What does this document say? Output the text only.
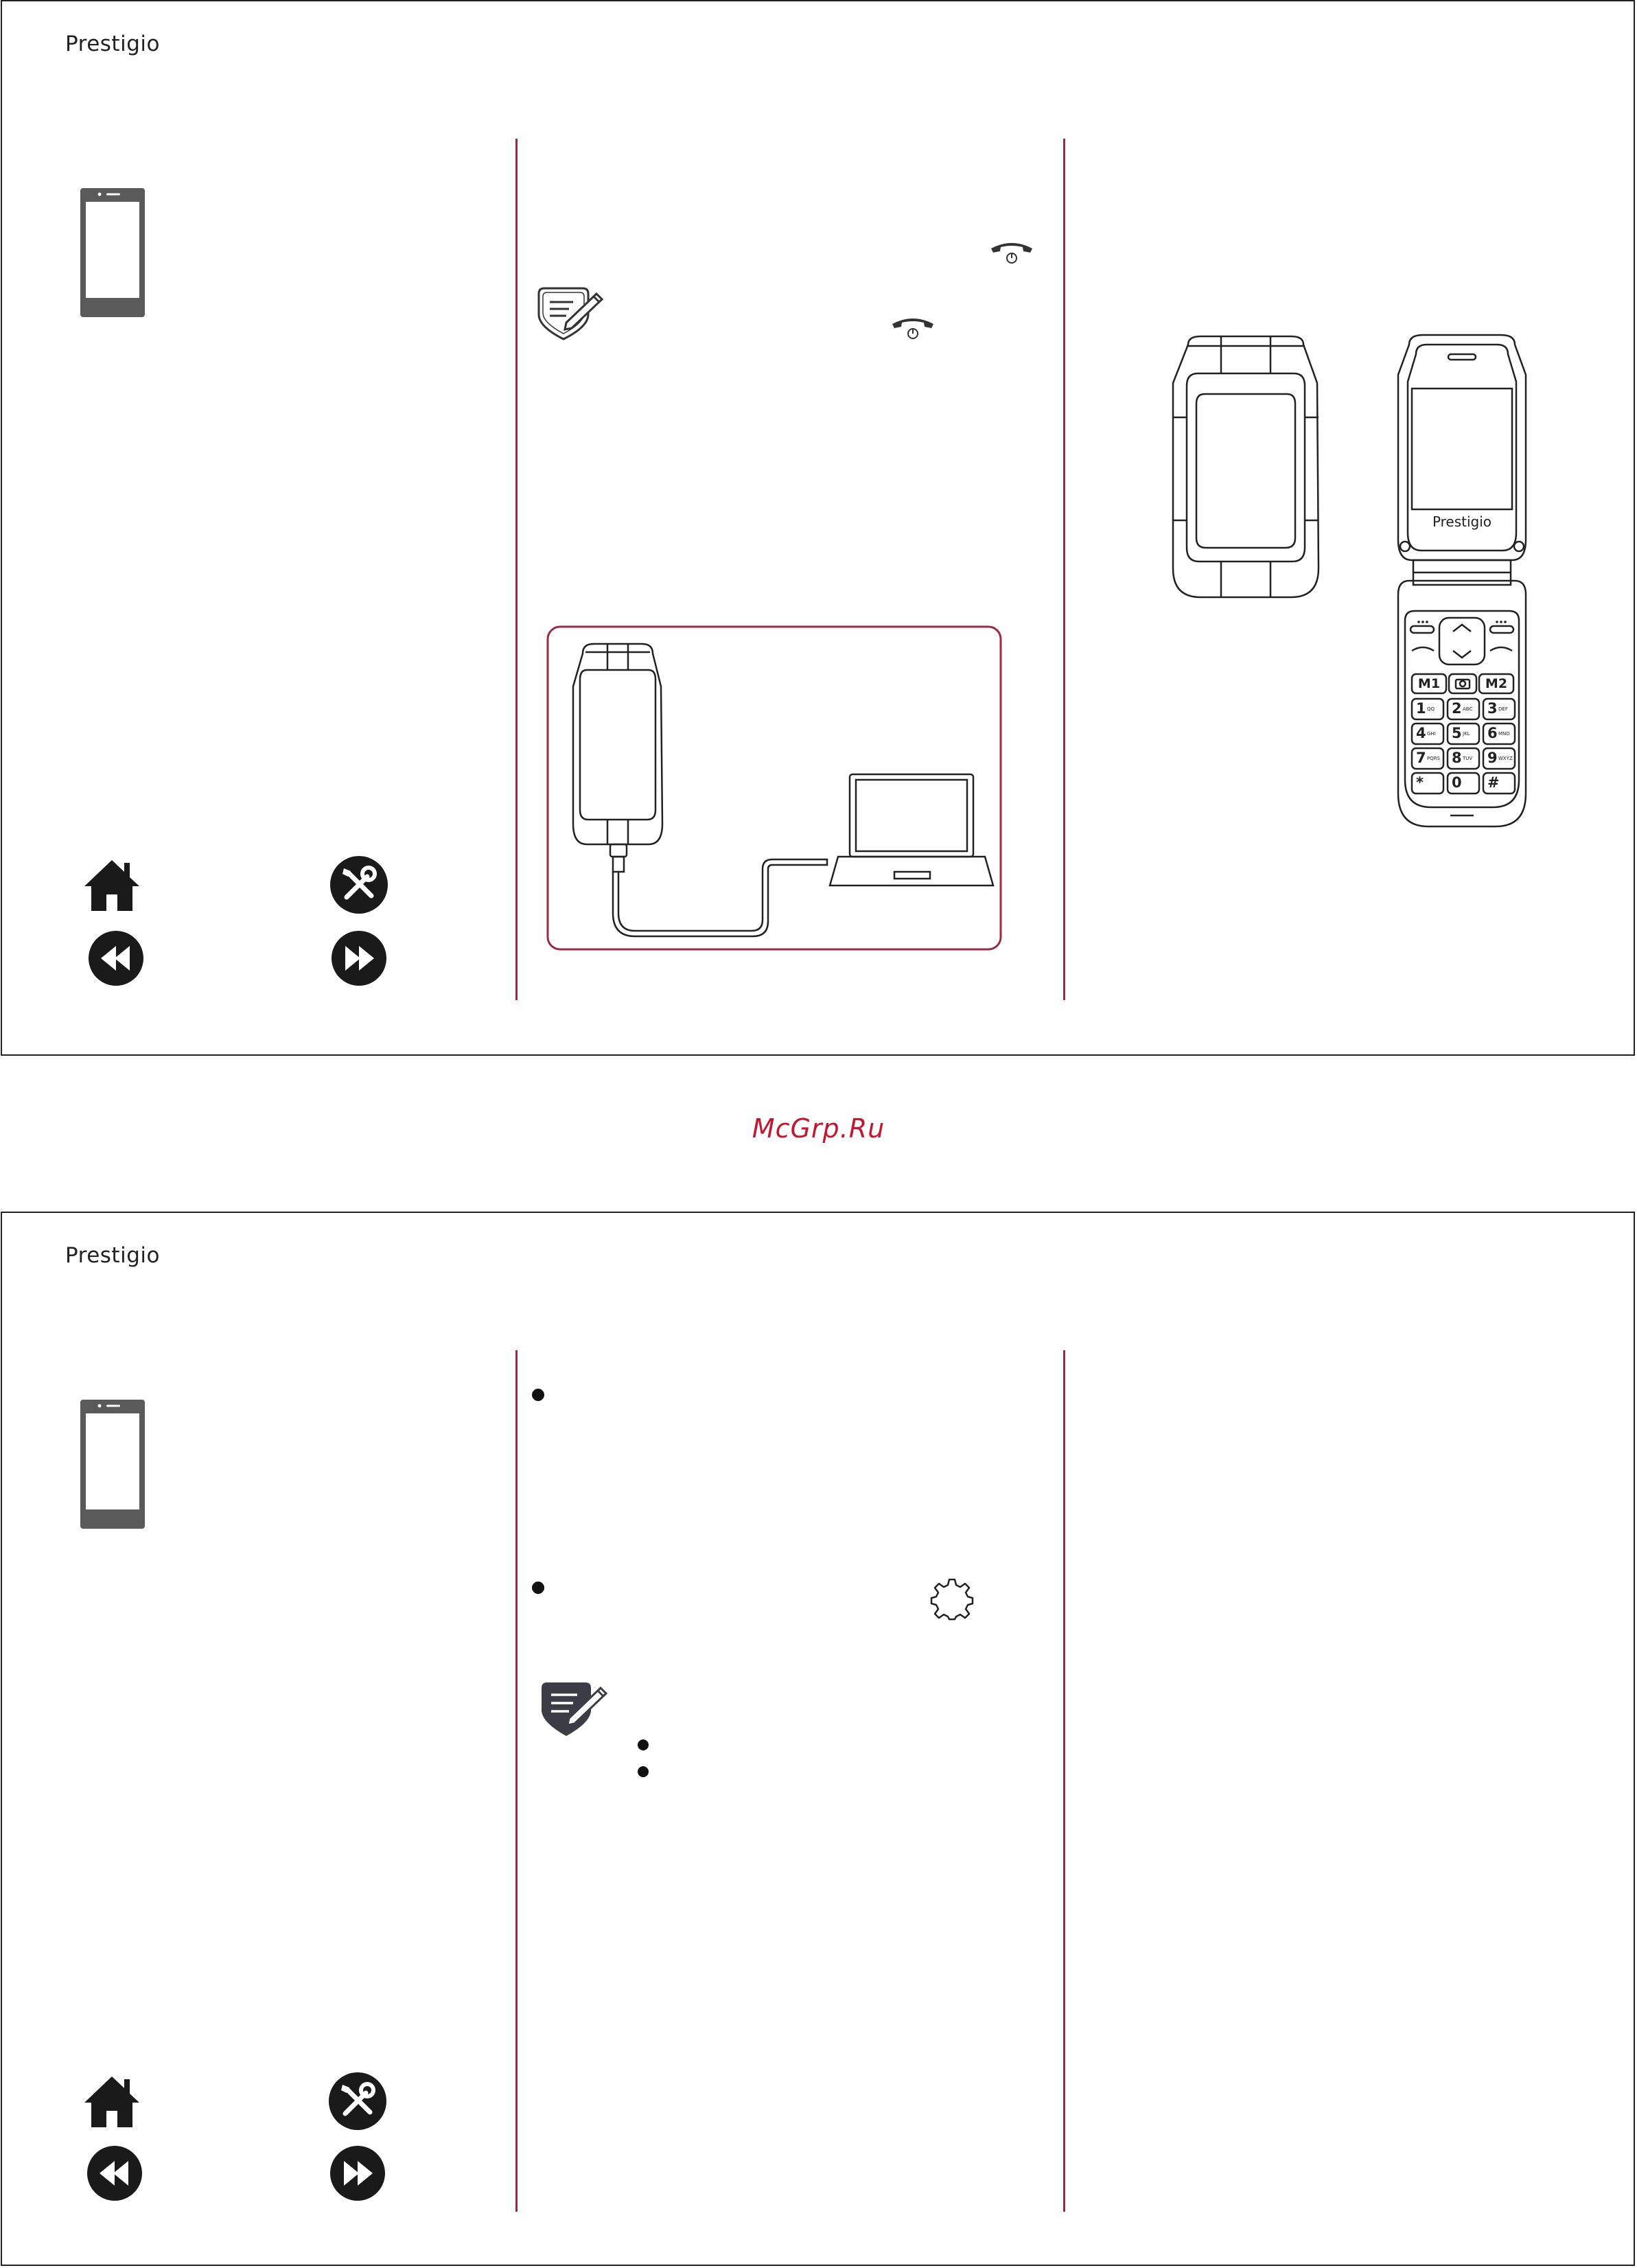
Prestigio
Prestigio
M1	M2
1 QQ 2 ABC 3 DEF
4 GHI 5 JKL 6 MNO
7 PQRS 8 TUV 9 WXYZ
* 0 #
McGrp.Ru
Prestigio
